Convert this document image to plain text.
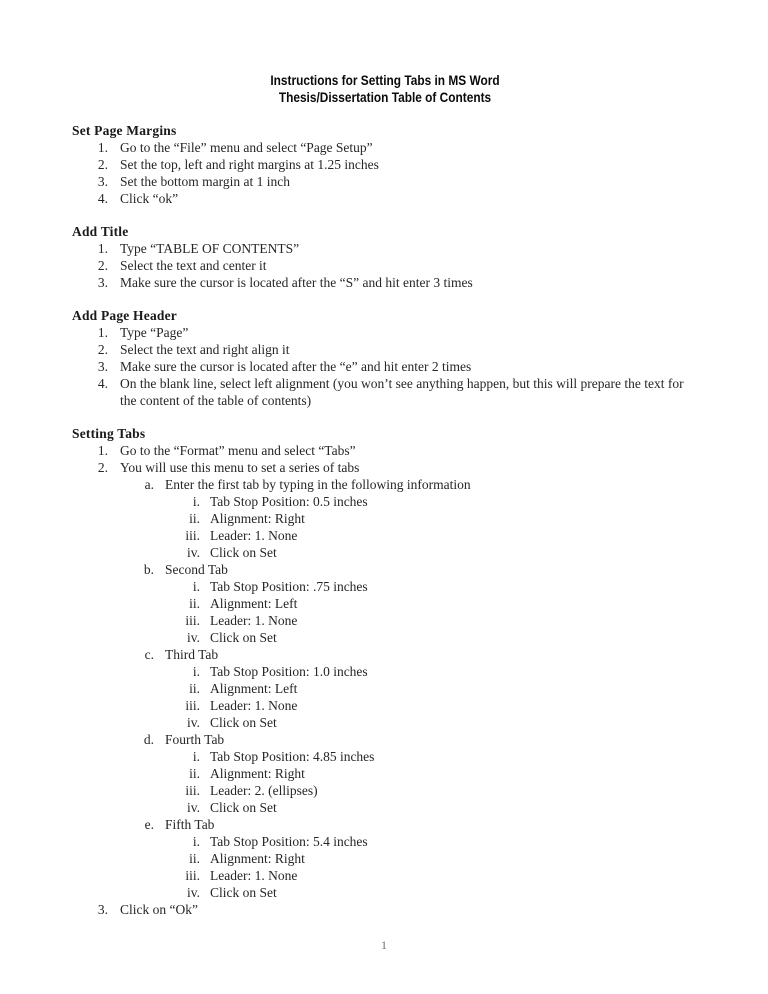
Instructions for Setting Tabs in MS Word
Thesis/Dissertation Table of Contents
Set Page Margins
1. Go to the “File” menu and select “Page Setup”
2. Set the top, left and right margins at 1.25 inches
3. Set the bottom margin at 1 inch
4. Click “ok”
Add Title
1. Type “TABLE OF CONTENTS”
2. Select the text and center it
3. Make sure the cursor is located after the “S” and hit enter 3 times
Add Page Header
1. Type “Page”
2. Select the text and right align it
3. Make sure the cursor is located after the “e” and hit enter 2 times
4. On the blank line, select left alignment (you won’t see anything happen, but this will prepare the text for the content of the table of contents)
Setting Tabs
1. Go to the “Format” menu and select “Tabs”
2. You will use this menu to set a series of tabs
a. Enter the first tab by typing in the following information
i. Tab Stop Position: 0.5 inches
ii. Alignment: Right
iii. Leader: 1. None
iv. Click on Set
b. Second Tab
i. Tab Stop Position: .75 inches
ii. Alignment: Left
iii. Leader: 1. None
iv. Click on Set
c. Third Tab
i. Tab Stop Position: 1.0 inches
ii. Alignment: Left
iii. Leader: 1. None
iv. Click on Set
d. Fourth Tab
i. Tab Stop Position: 4.85 inches
ii. Alignment: Right
iii. Leader: 2. (ellipses)
iv. Click on Set
e. Fifth Tab
i. Tab Stop Position: 5.4 inches
ii. Alignment: Right
iii. Leader: 1. None
iv. Click on Set
3. Click on “Ok”
1
